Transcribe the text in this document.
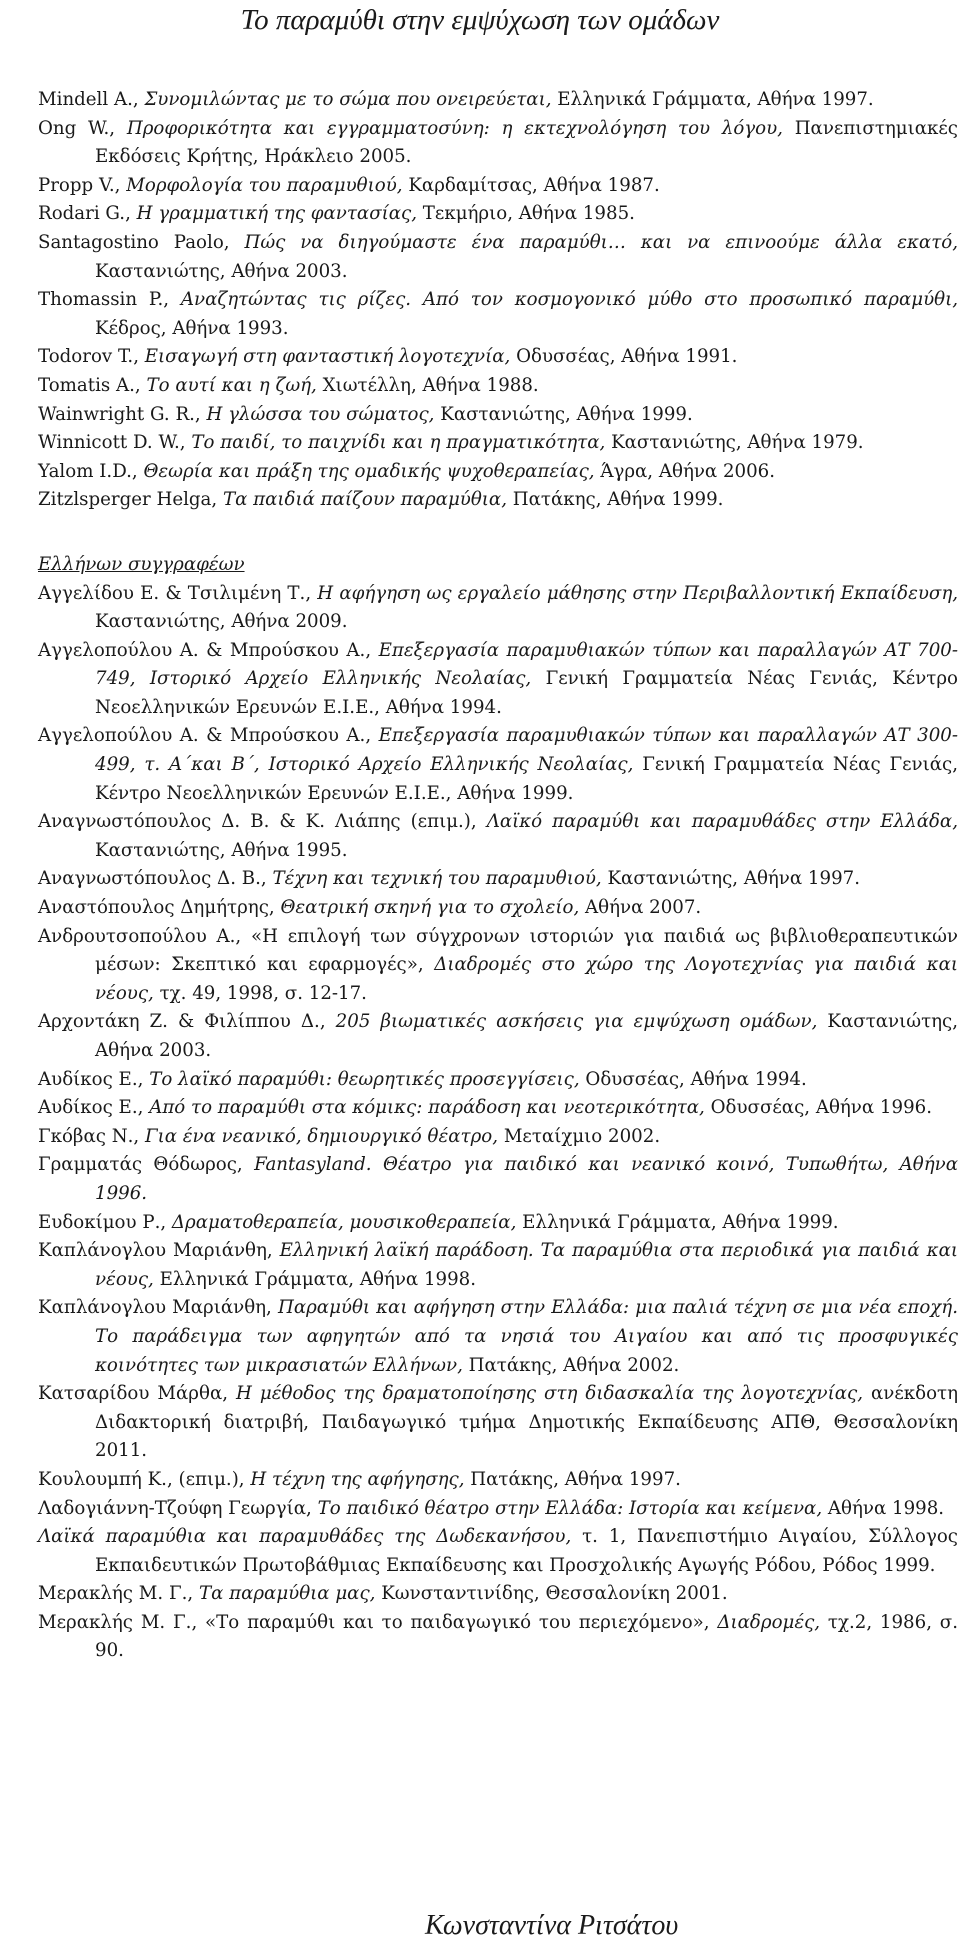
Το παραμύθι στην εμψύχωση των ομάδων
Mindell A., Συνομιλώντας με το σώμα που ονειρεύεται, Ελληνικά Γράμματα, Αθήνα 1997.
Ong W., Προφορικότητα και εγγραμματοσύνη: η εκτεχνολόγηση του λόγου, Πανεπιστημιακές Εκδόσεις Κρήτης, Ηράκλειο 2005.
Propp V., Μορφολογία του παραμυθιού, Καρδαμίτσας, Αθήνα 1987.
Rodari G., Η γραμματική της φαντασίας, Τεκμήριο, Αθήνα 1985.
Santagostino Paolo, Πώς να διηγούμαστε ένα παραμύθι… και να επινοούμε άλλα εκατό, Καστανιώτης, Αθήνα 2003.
Thomassin P., Αναζητώντας τις ρίζες. Από τον κοσμογονικό μύθο στο προσωπικό παραμύθι, Κέδρος, Αθήνα 1993.
Todorov T., Εισαγωγή στη φανταστική λογοτεχνία, Οδυσσέας, Αθήνα 1991.
Tomatis A., Το αυτί και η ζωή, Χιωτέλλη, Αθήνα 1988.
Wainwright G. R., Η γλώσσα του σώματος, Καστανιώτης, Αθήνα 1999.
Winnicott D. W., Το παιδί, το παιχνίδι και η πραγματικότητα, Καστανιώτης, Αθήνα 1979.
Yalom I.D., Θεωρία και πράξη της ομαδικής ψυχοθεραπείας, Άγρα, Αθήνα 2006.
Zitzlsperger Helga, Τα παιδιά παίζουν παραμύθια, Πατάκης, Αθήνα 1999.
Ελλήνων συγγραφέων
Αγγελίδου Ε. & Τσιλιμένη Τ., Η αφήγηση ως εργαλείο μάθησης στην Περιβαλλοντική Εκπαίδευση, Καστανιώτης, Αθήνα 2009.
Αγγελοπούλου Α. & Μπρούσκου Α., Επεξεργασία παραμυθιακών τύπων και παραλλαγών ΑΤ 700-749, Ιστορικό Αρχείο Ελληνικής Νεολαίας, Γενική Γραμματεία Νέας Γενιάς, Κέντρο Νεοελληνικών Ερευνών Ε.Ι.Ε., Αθήνα 1994.
Αγγελοπούλου Α. & Μπρούσκου Α., Επεξεργασία παραμυθιακών τύπων και παραλλαγών ΑΤ 300-499, τ. Α΄και Β΄, Ιστορικό Αρχείο Ελληνικής Νεολαίας, Γενική Γραμματεία Νέας Γενιάς, Κέντρο Νεοελληνικών Ερευνών Ε.Ι.Ε., Αθήνα 1999.
Αναγνωστόπουλος Δ. Β. & Κ. Λιάπης (επιμ.), Λαϊκό παραμύθι και παραμυθάδες στην Ελλάδα, Καστανιώτης, Αθήνα 1995.
Αναγνωστόπουλος Δ. Β., Τέχνη και τεχνική του παραμυθιού, Καστανιώτης, Αθήνα 1997.
Αναστόπουλος Δημήτρης, Θεατρική σκηνή για το σχολείο, Αθήνα 2007.
Ανδρουτσοπούλου Α., «Η επιλογή των σύγχρονων ιστοριών για παιδιά ως βιβλιοθεραπευτικών μέσων: Σκεπτικό και εφαρμογές», Διαδρομές στο χώρο της Λογοτεχνίας για παιδιά και νέους, τχ. 49, 1998, σ. 12-17.
Αρχοντάκη Ζ. & Φιλίππου Δ., 205 βιωματικές ασκήσεις για εμψύχωση ομάδων, Καστανιώτης, Αθήνα 2003.
Αυδίκος Ε., Το λαϊκό παραμύθι: θεωρητικές προσεγγίσεις, Οδυσσέας, Αθήνα 1994.
Αυδίκος Ε., Από το παραμύθι στα κόμικς: παράδοση και νεοτερικότητα, Οδυσσέας, Αθήνα 1996.
Γκόβας Ν., Για ένα νεανικό, δημιουργικό θέατρο, Μεταίχμιο 2002.
Γραμματάς Θόδωρος, Fantasyland. Θέατρο για παιδικό και νεανικό κοινό, Τυπωθήτω, Αθήνα 1996.
Ευδοκίμου Ρ., Δραματοθεραπεία, μουσικοθεραπεία, Ελληνικά Γράμματα, Αθήνα 1999.
Καπλάνογλου Μαριάνθη, Ελληνική λαϊκή παράδοση. Τα παραμύθια στα περιοδικά για παιδιά και νέους, Ελληνικά Γράμματα, Αθήνα 1998.
Καπλάνογλου Μαριάνθη, Παραμύθι και αφήγηση στην Ελλάδα: μια παλιά τέχνη σε μια νέα εποχή. Το παράδειγμα των αφηγητών από τα νησιά του Αιγαίου και από τις προσφυγικές κοινότητες των μικρασιατών Ελλήνων, Πατάκης, Αθήνα 2002.
Κατσαρίδου Μάρθα, Η μέθοδος της δραματοποίησης στη διδασκαλία της λογοτεχνίας, ανέκδοτη Διδακτορική διατριβή, Παιδαγωγικό τμήμα Δημοτικής Εκπαίδευσης ΑΠΘ, Θεσσαλονίκη 2011.
Κουλουμπή Κ., (επιμ.), Η τέχνη της αφήγησης, Πατάκης, Αθήνα 1997.
Λαδογιάννη-Τζούφη Γεωργία, Το παιδικό θέατρο στην Ελλάδα: Ιστορία και κείμενα, Αθήνα 1998.
Λαϊκά παραμύθια και παραμυθάδες της Δωδεκανήσου, τ. 1, Πανεπιστήμιο Αιγαίου, Σύλλογος Εκπαιδευτικών Πρωτοβάθμιας Εκπαίδευσης και Προσχολικής Αγωγής Ρόδου, Ρόδος 1999.
Μερακλής Μ. Γ., Τα παραμύθια μας, Κωνσταντινίδης, Θεσσαλονίκη 2001.
Μερακλής Μ. Γ., «Το παραμύθι και το παιδαγωγικό του περιεχόμενο», Διαδρομές, τχ.2, 1986, σ. 90.
Κωνσταντίνα Ριτσάτου
